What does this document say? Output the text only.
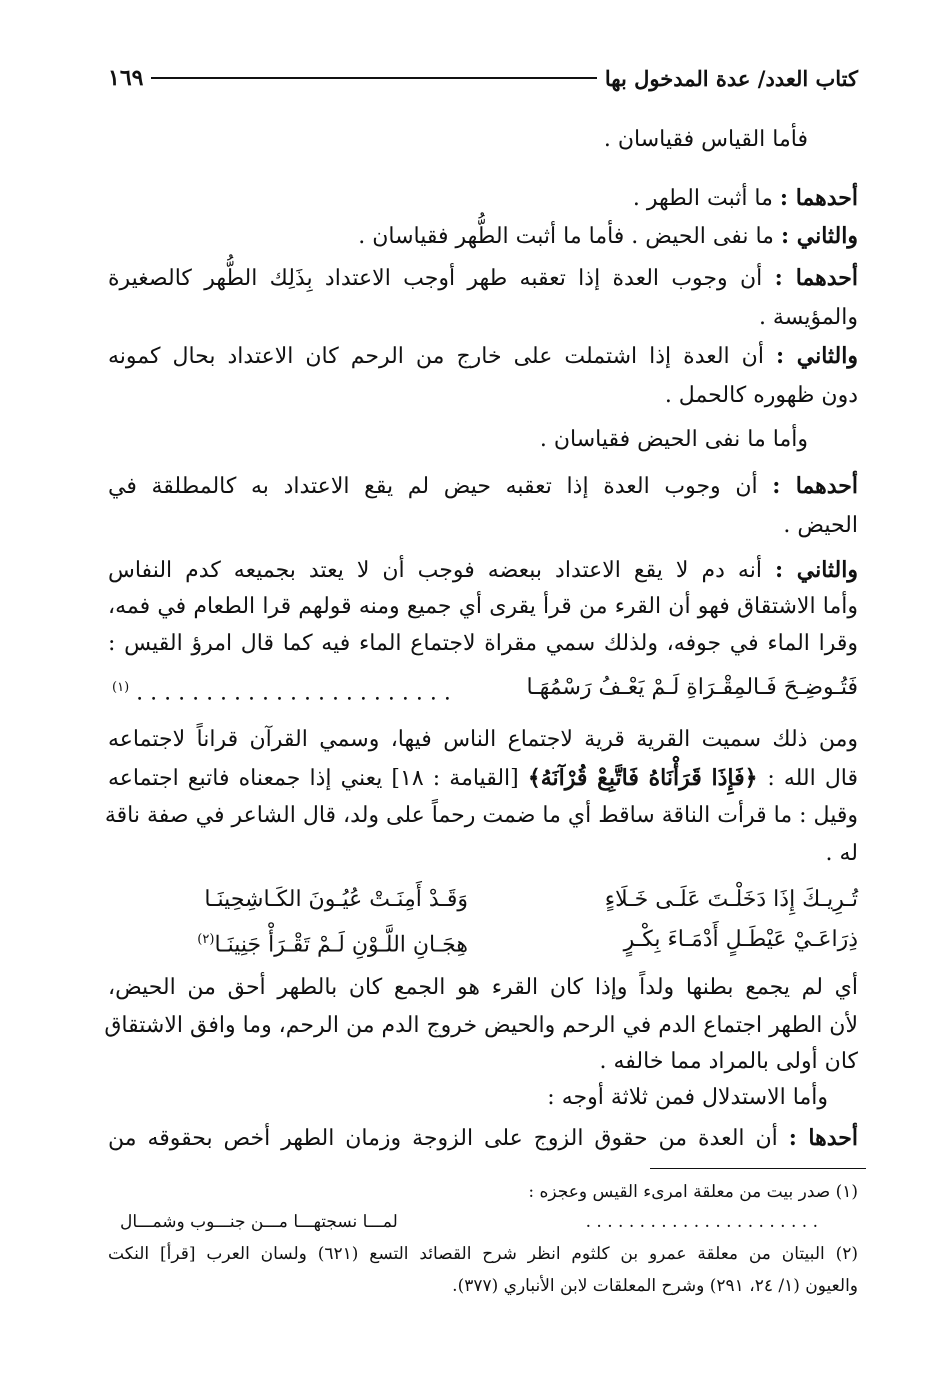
كتاب العدد/ عدة المدخول بها
١٦٩
فأما القياس فقياسان .
أحدهما : ما أثبت الطهر .
والثاني : ما نفى الحيض . فأما ما أثبت الطُّهر فقياسان .
أحدهما : أن وجوب العدة إذا تعقبه طهر أوجب الاعتداد بِذَلِك الطُّهر كالصغيرة
والمؤيسة .
والثاني : أن العدة إذا اشتملت على خارج من الرحم كان الاعتداد بحال كمونه
دون ظهوره كالحمل .
وأما ما نفى الحيض فقياسان .
أحدهما : أن وجوب العدة إذا تعقبه حيض لم يقع الاعتداد به كالمطلقة في
الحيض .
والثاني : أنه دم لا يقع الاعتداد ببعضه فوجب أن لا يعتد بجميعه كدم النفاس
وأما الاشتقاق فهو أن القرء من قرأ يقرى أي جميع ومنه قولهم قرا الطعام في فمه،
وقرا الماء في جوفه، ولذلك سمي مقراة لاجتماع الماء فيه كما قال امرؤ القيس :
فَتُـوضِـحَ فَـالمِقْـرَاةِ لَـمْ يَعْـفُ رَسْمُهَـا
$^{(١)}$ . . . . . . . . . . . . . . . . . . . . . . .
ومن ذلك سميت القرية قرية لاجتماع الناس فيها، وسمي القرآن قراناً لاجتماعه
قال الله : ﴿فَإِذَا قَرَأْنَاهُ فَاتَّبِعْ قُرْآنَهُ﴾ [القيامة : ١٨] يعني إذا جمعناه فاتبع اجتماعه
وقيل : ما قرأت الناقة ساقط أي ما ضمت رحماً على ولد، قال الشاعر في صفة ناقة
له .
تُـرِيـكَ إِذَا دَخَلْـتَ عَلَـى خَـلَاءٍ
وَقَـدْ أَمِنَـتْ عُيُـونَ الكَـاشِحِينَـا
ذِرَاعَـيْ عَيْطَـلٍ أَدْمَـاءَ بِكْـرٍ
هِجَـانِ اللَّـوْنِ لَـمْ تَقْـرَأْ جَنِينَـا$^{(٢)}$
أي لم يجمع بطنها ولداً وإذا كان القرء هو الجمع كان بالطهر أحق من الحيض،
لأن الطهر اجتماع الدم في الرحم والحيض خروج الدم من الرحم، وما وافق الاشتقاق
كان أولى بالمراد مما خالفه .
وأما الاستدلال فمن ثلاثة أوجه :
أحدها : أن العدة من حقوق الزوج على الزوجة وزمان الطهر أخص بحقوقه من
(١) صدر بيت من معلقة امرىء القيس وعجزه :
. . . . . . . . . . . . . . . . . . . . . .
لمـــا نسجتهـــا مـــن جنـــوب وشمـــال
(٢) البيتان من معلقة عمرو بن كلثوم انظر شرح القصائد التسع (٦٢١) ولسان العرب [قرأ] النكت
والعيون (١/ ٢٤، ٢٩١) وشرح المعلقات لابن الأنباري (٣٧٧).
